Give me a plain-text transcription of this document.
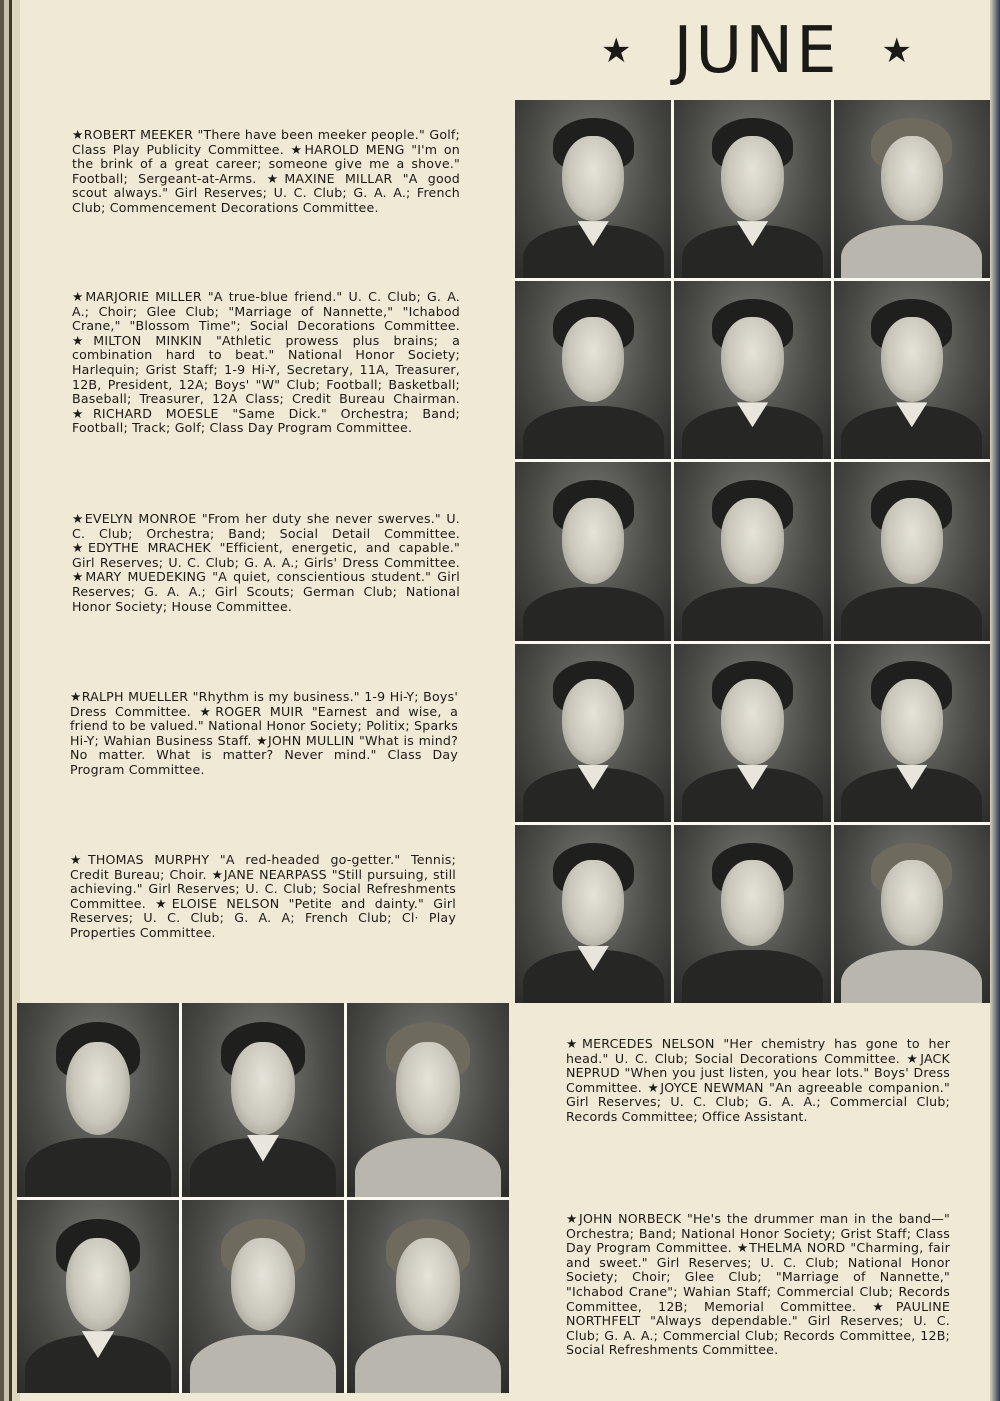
★ JUNE ★

★ROBERT MEEKER "There have been meeker people." Golf; Class Play Publicity Committee. ★HAROLD MENG "I'm on the brink of a great career; someone give me a shove." Football; Sergeant-at-Arms. ★MAXINE MILLAR "A good scout always." Girl Reserves; U. C. Club; G. A. A.; French Club; Commencement Decorations Committee.

★MARJORIE MILLER "A true-blue friend." U. C. Club; G. A. A.; Choir; Glee Club; "Marriage of Nannette," "Ichabod Crane," "Blossom Time"; Social Decorations Committee. ★MILTON MINKIN "Athletic prowess plus brains; a combination hard to beat." National Honor Society; Harlequin; Grist Staff; 1-9 Hi-Y, Secretary, 11A, Treasurer, 12B, President, 12A; Boys' "W" Club; Football; Basketball; Baseball; Treasurer, 12A Class; Credit Bureau Chairman. ★RICHARD MOESLE "Same Dick." Orchestra; Band; Football; Track; Golf; Class Day Program Committee.

★EVELYN MONROE "From her duty she never swerves." U. C. Club; Orchestra; Band; Social Detail Committee. ★EDYTHE MRACHEK "Efficient, energetic, and capable." Girl Reserves; U. C. Club; G. A. A.; Girls' Dress Committee. ★MARY MUEDEKING "A quiet, conscientious student." Girl Reserves; G. A. A.; Girl Scouts; German Club; National Honor Society; House Committee.

★RALPH MUELLER "Rhythm is my business." 1-9 Hi-Y; Boys' Dress Committee. ★ROGER MUIR "Earnest and wise, a friend to be valued." National Honor Society; Politix; Sparks Hi-Y; Wahian Business Staff. ★JOHN MULLIN "What is mind? No matter. What is matter? Never mind." Class Day Program Committee.

★THOMAS MURPHY "A red-headed go-getter." Tennis; Credit Bureau; Choir. ★JANE NEARPASS "Still pursuing, still achieving." Girl Reserves; U. C. Club; Social Refreshments Committee. ★ELOISE NELSON "Petite and dainty." Girl Reserves; U. C. Club; G. A. A; French Club; Cl· Play Properties Committee.

★MERCEDES NELSON "Her chemistry has gone to her head." U. C. Club; Social Decorations Committee. ★JACK NEPRUD "When you just listen, you hear lots." Boys' Dress Committee. ★JOYCE NEWMAN "An agreeable companion." Girl Reserves; U. C. Club; G. A. A.; Commercial Club; Records Committee; Office Assistant.

★JOHN NORBECK "He's the drummer man in the band—" Orchestra; Band; National Honor Society; Grist Staff; Class Day Program Committee. ★THELMA NORD "Charming, fair and sweet." Girl Reserves; U. C. Club; National Honor Society; Choir; Glee Club; "Marriage of Nannette," "Ichabod Crane"; Wahian Staff; Commercial Club; Records Committee, 12B; Memorial Committee. ★PAULINE NORTHFELT "Always dependable." Girl Reserves; U. C. Club; G. A. A.; Commercial Club; Records Committee, 12B; Social Refreshments Committee.
